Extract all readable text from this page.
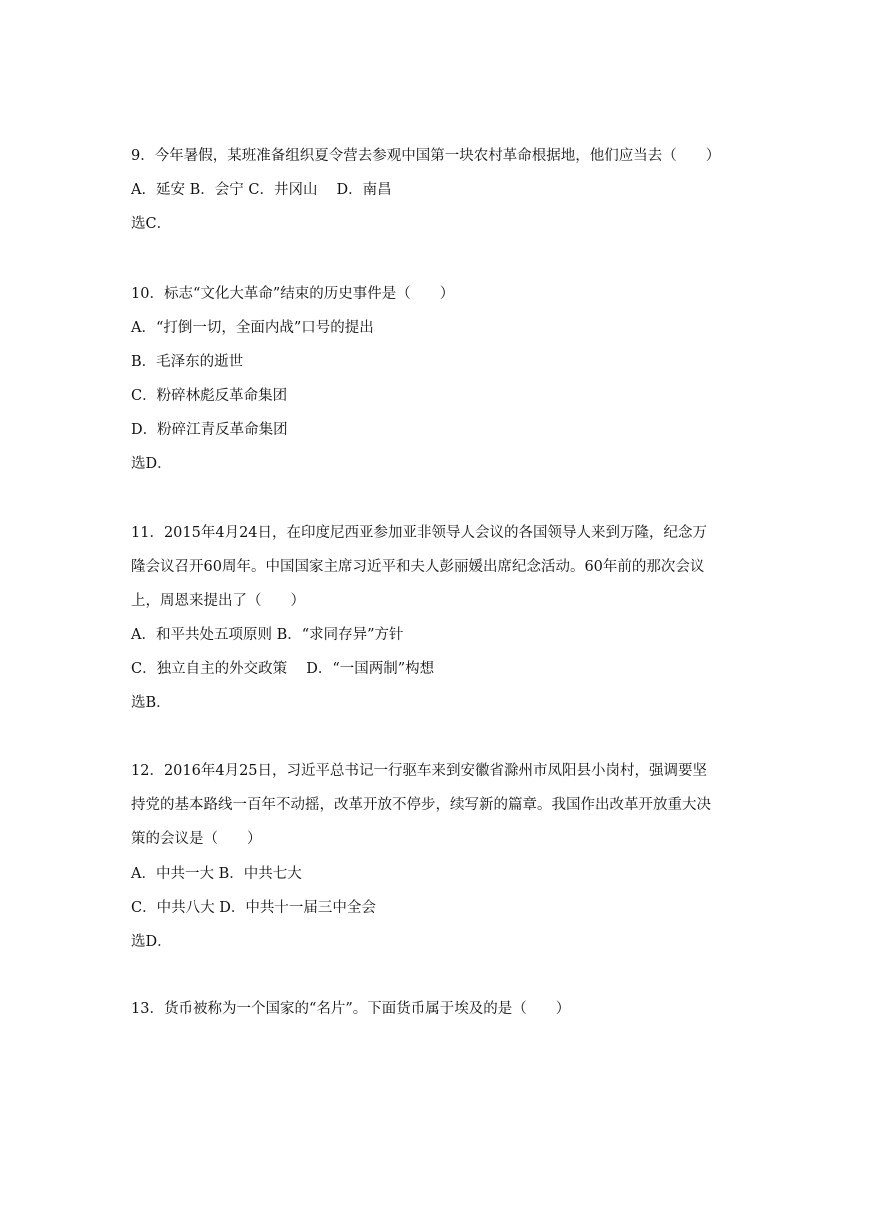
9．今年暑假，某班准备组织夏令营去参观中国第一块农村革命根据地，他们应当去（　　）
A．延安 B．会宁 C．井冈山　 D．南昌
选C．
10．标志“文化大革命”结束的历史事件是（　　）
A．“打倒一切，全面内战”口号的提出
B．毛泽东的逝世
C．粉碎林彪反革命集团
D．粉碎江青反革命集团
选D．
11．2015年4月24日，在印度尼西亚参加亚非领导人会议的各国领导人来到万隆，纪念万
隆会议召开60周年。中国国家主席习近平和夫人彭丽媛出席纪念活动。60年前的那次会议
上，周恩来提出了（　　）
A．和平共处五项原则 B．“求同存异”方针
C．独立自主的外交政策　 D．“一国两制”构想
选B．
12．2016年4月25日，习近平总书记一行驱车来到安徽省滁州市凤阳县小岗村，强调要坚
持党的基本路线一百年不动摇，改革开放不停步，续写新的篇章。我国作出改革开放重大决
策的会议是（　　）
A．中共一大 B．中共七大
C．中共八大 D．中共十一届三中全会
选D．
13．货币被称为一个国家的“名片”。下面货币属于埃及的是（　　）
